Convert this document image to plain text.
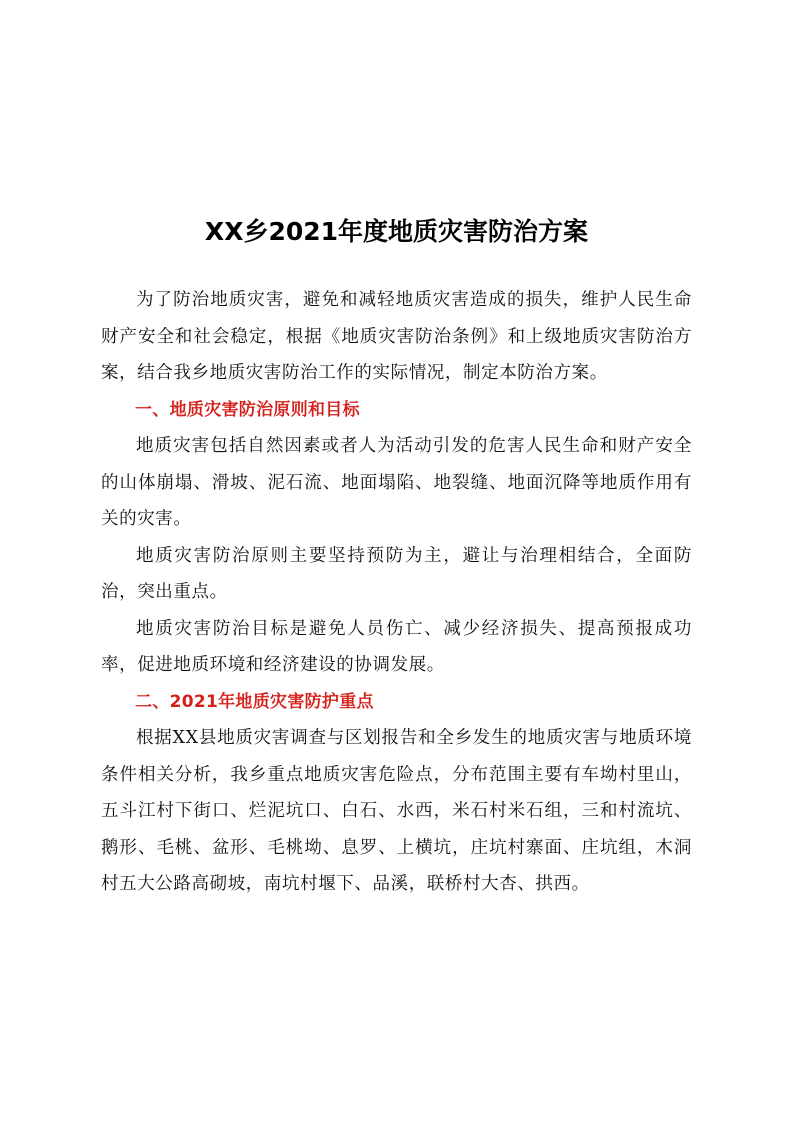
XX乡2021年度地质灾害防治方案

为了防治地质灾害，避免和减轻地质灾害造成的损失，维护人民生命财产安全和社会稳定，根据《地质灾害防治条例》和上级地质灾害防治方案，结合我乡地质灾害防治工作的实际情况，制定本防治方案。

一、地质灾害防治原则和目标

地质灾害包括自然因素或者人为活动引发的危害人民生命和财产安全的山体崩塌、滑坡、泥石流、地面塌陷、地裂缝、地面沉降等地质作用有关的灾害。

地质灾害防治原则主要坚持预防为主，避让与治理相结合，全面防治，突出重点。

地质灾害防治目标是避免人员伤亡、减少经济损失、提高预报成功率，促进地质环境和经济建设的协调发展。

二、2021年地质灾害防护重点

根据XX县地质灾害调查与区划报告和全乡发生的地质灾害与地质环境条件相关分析，我乡重点地质灾害危险点，分布范围主要有车坳村里山，五斗江村下街口、烂泥坑口、白石、水西，米石村米石组，三和村流坑、鹅形、毛桃、盆形、毛桃坳、息罗、上横坑，庄坑村寨面、庄坑组，木洞村五大公路高砌坡，南坑村堰下、品溪，联桥村大杏、拱西。
